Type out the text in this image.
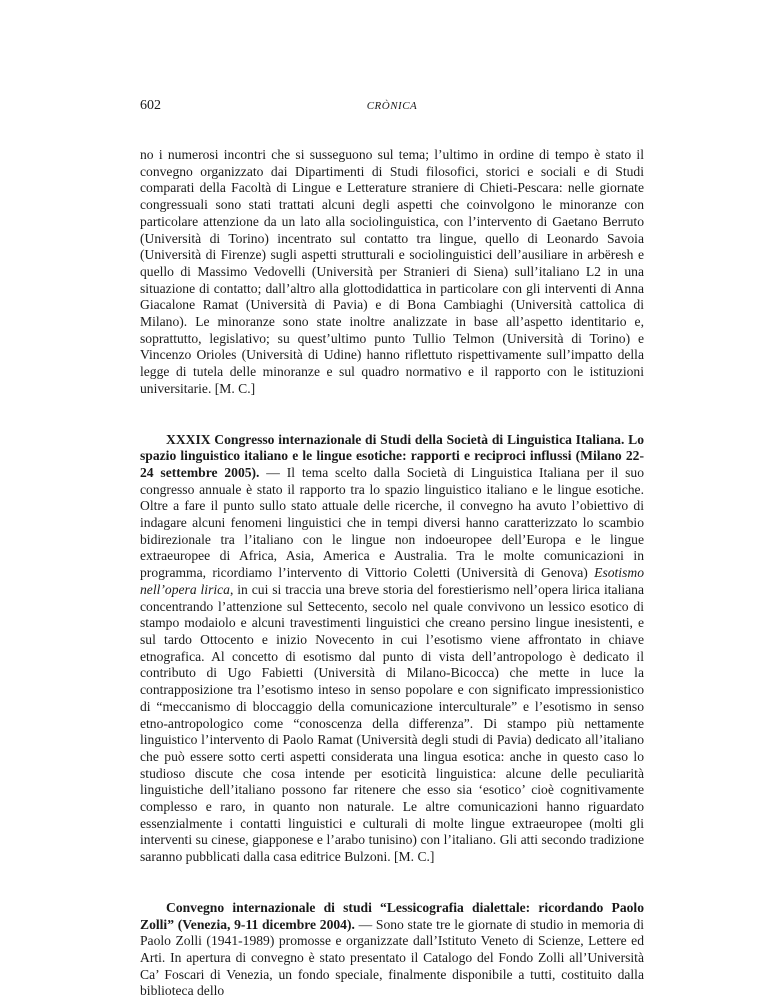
602	CRÒNICA

no i numerosi incontri che si susseguono sul tema; l’ultimo in ordine di tempo è stato il convegno organizzato dai Dipartimenti di Studi filosofici, storici e sociali e di Studi comparati della Facoltà di Lingue e Letterature straniere di Chieti-Pescara: nelle giornate congressuali sono stati trattati alcuni degli aspetti che coinvolgono le minoranze con particolare attenzione da un lato alla sociolinguistica, con l’intervento di Gaetano Berruto (Università di Torino) incentrato sul contatto tra lingue, quello di Leonardo Savoia (Università di Firenze) sugli aspetti strutturali e sociolinguistici dell’ausiliare in arbëresh e quello di Massimo Vedovelli (Università per Stranieri di Siena) sull’italiano L2 in una situazione di contatto; dall’altro alla glottodidattica in particolare con gli interventi di Anna Giacalone Ramat (Università di Pavia) e di Bona Cambiaghi (Università cattolica di Milano). Le minoranze sono state inoltre analizzate in base all’aspetto identitario e, soprattutto, legislativo; su quest’ultimo punto Tullio Telmon (Università di Torino) e Vincenzo Orioles (Università di Udine) hanno riflettuto rispettivamente sull’impatto della legge di tutela delle minoranze e sul quadro normativo e il rapporto con le istituzioni universitarie. [M. C.]

XXXIX Congresso internazionale di Studi della Società di Linguistica Italiana. Lo spazio linguistico italiano e le lingue esotiche: rapporti e reciproci influssi (Milano 22-24 settembre 2005). — Il tema scelto dalla Società di Linguistica Italiana per il suo congresso annuale è stato il rapporto tra lo spazio linguistico italiano e le lingue esotiche. Oltre a fare il punto sullo stato attuale delle ricerche, il convegno ha avuto l’obiettivo di indagare alcuni fenomeni linguistici che in tempi diversi hanno caratterizzato lo scambio bidirezionale tra l’italiano con le lingue non indoeuropee dell’Europa e le lingue extraeuropee di Africa, Asia, America e Australia. Tra le molte comunicazioni in programma, ricordiamo l’intervento di Vittorio Coletti (Università di Genova) Esotismo nell’opera lirica, in cui si traccia una breve storia del forestierismo nell’opera lirica italiana concentrando l’attenzione sul Settecento, secolo nel quale convivono un lessico esotico di stampo modaiolo e alcuni travestimenti linguistici che creano persino lingue inesistenti, e sul tardo Ottocento e inizio Novecento in cui l’esotismo viene affrontato in chiave etnografica. Al concetto di esotismo dal punto di vista dell’antropologo è dedicato il contributo di Ugo Fabietti (Università di Milano-Bicocca) che mette in luce la contrapposizione tra l’esotismo inteso in senso popolare e con significato impressionistico di “meccanismo di bloccaggio della comunicazione interculturale” e l’esotismo in senso etno-antropologico come “conoscenza della differenza”. Di stampo più nettamente linguistico l’intervento di Paolo Ramat (Università degli studi di Pavia) dedicato all’italiano che può essere sotto certi aspetti considerata una lingua esotica: anche in questo caso lo studioso discute che cosa intende per esoticità linguistica: alcune delle peculiarità linguistiche dell’italiano possono far ritenere che esso sia ‘esotico’ cioè cognitivamente complesso e raro, in quanto non naturale. Le altre comunicazioni hanno riguardato essenzialmente i contatti linguistici e culturali di molte lingue extraeuropee (molti gli interventi su cinese, giapponese e l’arabo tunisino) con l’italiano. Gli atti secondo tradizione saranno pubblicati dalla casa editrice Bulzoni. [M. C.]

Convegno internazionale di studi “Lessicografia dialettale: ricordando Paolo Zolli” (Venezia, 9-11 dicembre 2004). — Sono state tre le giornate di studio in memoria di Paolo Zolli (1941-1989) promosse e organizzate dall’Istituto Veneto di Scienze, Lettere ed Arti. In apertura di convegno è stato presentato il Catalogo del Fondo Zolli all’Università Ca’ Foscari di Venezia, un fondo speciale, finalmente disponibile a tutti, costituito dalla biblioteca dello
